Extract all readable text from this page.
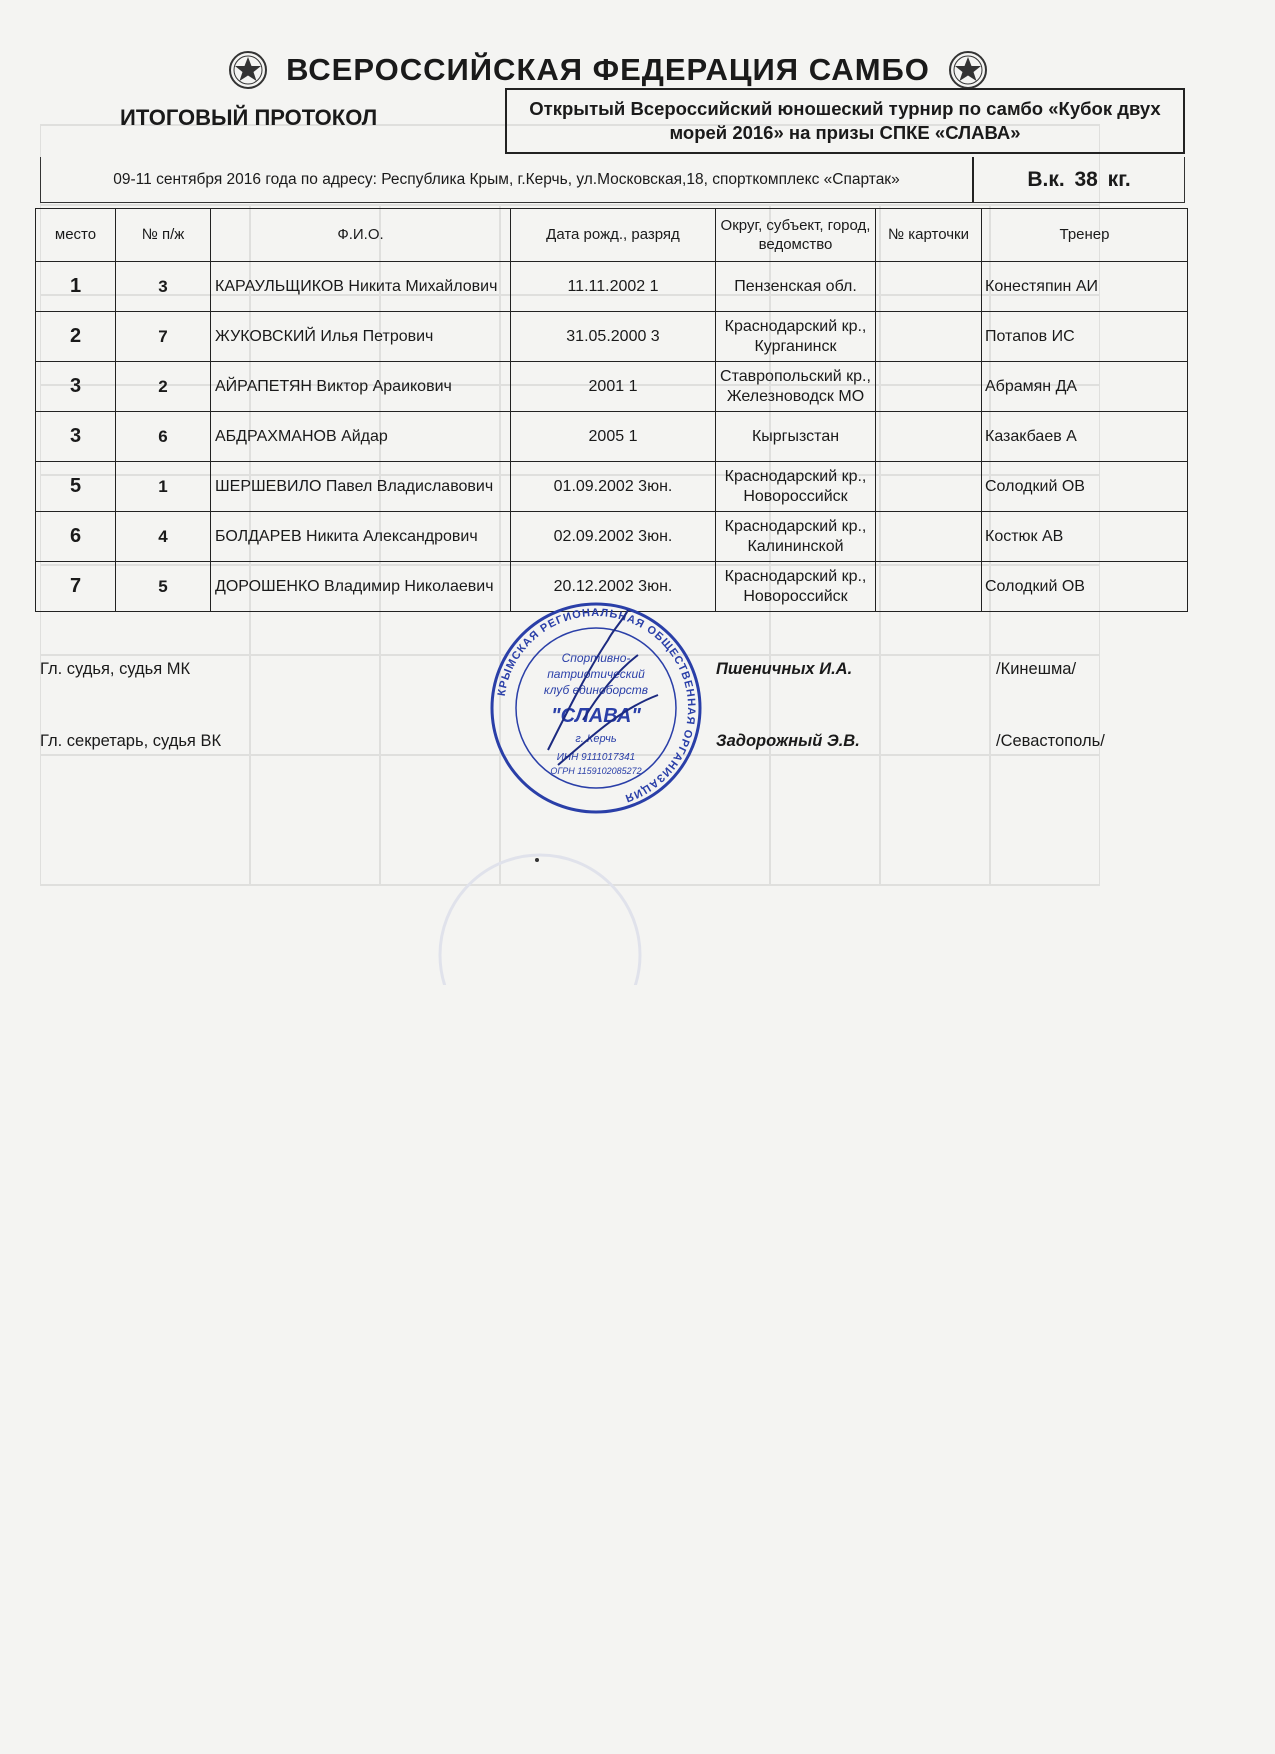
ВСЕРОССИЙСКАЯ ФЕДЕРАЦИЯ САМБО
ИТОГОВЫЙ ПРОТОКОЛ	Открытый Всероссийский юношеский турнир по самбо «Кубок двух морей 2016» на призы СПКЕ «СЛАВА»
09-11 сентября 2016 года по адресу: Республика Крым, г.Керчь, ул.Московская,18, спорткомплекс «Спартак»	В.к. 38 кг.
место	№ п/ж	Ф.И.О.	Дата рожд., разряд	Округ, субъект, город, ведомство	№ карточки	Тренер
1	3	КАРАУЛЬЩИКОВ Никита Михайлович	11.11.2002 1	Пензенская обл.		Конестяпин АИ
2	7	ЖУКОВСКИЙ Илья Петрович	31.05.2000 3	Краснодарский кр., Курганинск		Потапов ИС
3	2	АЙРАПЕТЯН Виктор Араикович	2001 1	Ставропольский кр., Железноводск МО		Абрамян ДА
3	6	АБДРАХМАНОВ Айдар	2005 1	Кыргызстан		Казакбаев А
5	1	ШЕРШЕВИЛО Павел Владиславович	01.09.2002 3юн.	Краснодарский кр., Новороссийск		Солодкий ОВ
6	4	БОЛДАРЕВ Никита Александрович	02.09.2002 3юн.	Краснодарский кр., Калининской		Костюк АВ
7	5	ДОРОШЕНКО Владимир Николаевич	20.12.2002 3юн.	Краснодарский кр., Новороссийск		Солодкий ОВ
Гл. судья, судья МК	Пшеничных И.А.	/Кинешма/
Гл. секретарь, судья ВК	Задорожный Э.В.	/Севастополь/
КРЫМСКАЯ РЕГИОНАЛЬНАЯ ОБЩЕСТВЕННАЯ ОРГАНИЗАЦИЯ
Спортивно-
патриотический
клуб единоборств
"СЛАВА"
г. Керчь
ИНН 9111017341
ОГРН 1159102085272
